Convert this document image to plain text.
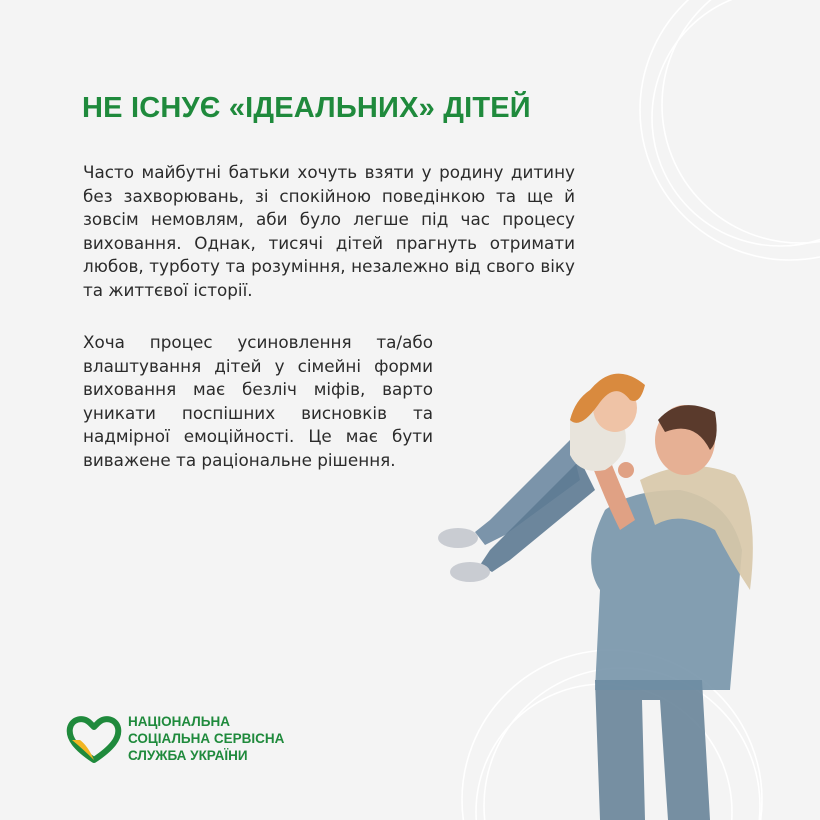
НЕ ІСНУЄ «ІДЕАЛЬНИХ» ДІТЕЙ
Часто майбутні батьки хочуть взяти у родину дитину без захворювань, зі спокійною поведінкою та ще й зовсім немовлям, аби було легше під час процесу виховання. Однак, тисячі дітей прагнуть отримати любов, турботу та розуміння, незалежно від свого віку та життєвої історії.
Хоча процес усиновлення та/або влаштування дітей у сімейні форми виховання має безліч міфів, варто уникати поспішних висновків та надмірної емоційності. Це має бути виважене та раціональне рішення.
НАЦІОНАЛЬНА
СОЦІАЛЬНА СЕРВІСНА
СЛУЖБА УКРАЇНИ
